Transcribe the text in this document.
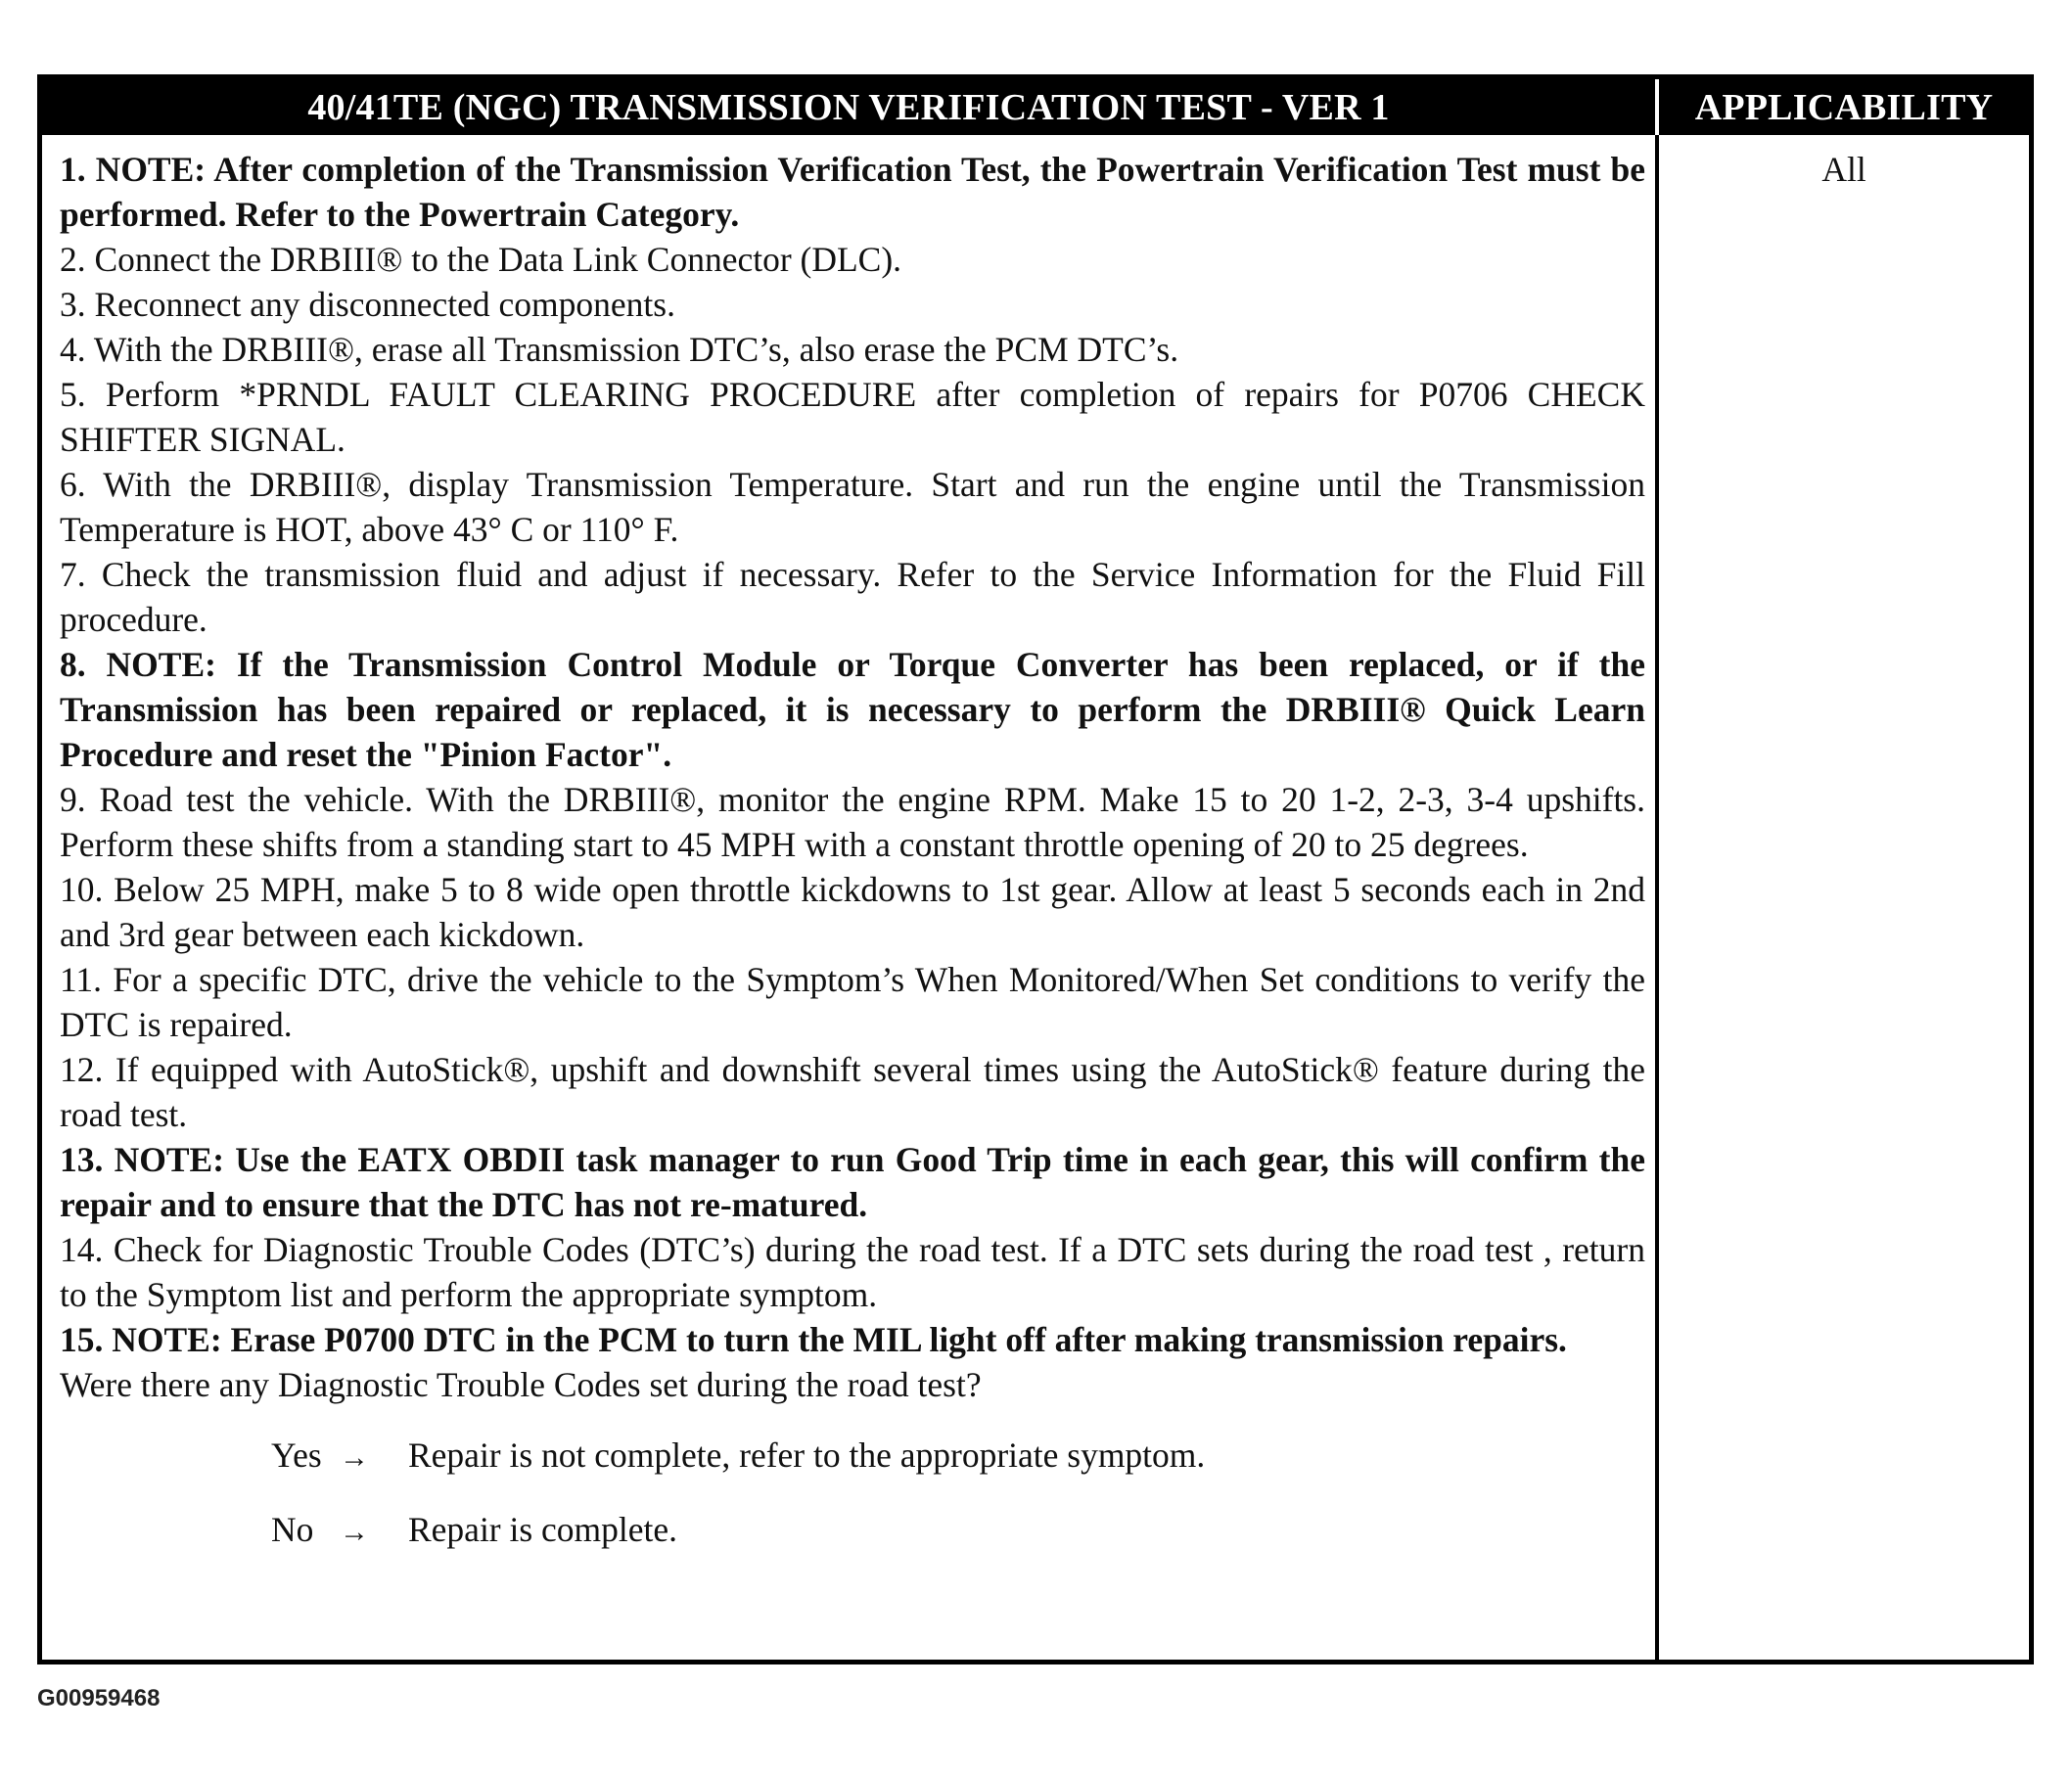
40/41TE (NGC) TRANSMISSION VERIFICATION TEST - VER 1	APPLICABILITY
1. NOTE: After completion of the Transmission Verification Test, the Powertrain Verification Test must be performed. Refer to the Powertrain Category.
2. Connect the DRBIII® to the Data Link Connector (DLC).
3. Reconnect any disconnected components.
4. With the DRBIII®, erase all Transmission DTC’s, also erase the PCM DTC’s.
5. Perform *PRNDL FAULT CLEARING PROCEDURE after completion of repairs for P0706 CHECK SHIFTER SIGNAL.
6. With the DRBIII®, display Transmission Temperature. Start and run the engine until the Transmission Temperature is HOT, above 43° C or 110° F.
7. Check the transmission fluid and adjust if necessary. Refer to the Service Information for the Fluid Fill procedure.
8. NOTE: If the Transmission Control Module or Torque Converter has been replaced, or if the Transmission has been repaired or replaced, it is necessary to perform the DRBIII® Quick Learn Procedure and reset the "Pinion Factor".
9. Road test the vehicle. With the DRBIII®, monitor the engine RPM. Make 15 to 20 1-2, 2-3, 3-4 upshifts. Perform these shifts from a standing start to 45 MPH with a constant throttle opening of 20 to 25 degrees.
10. Below 25 MPH, make 5 to 8 wide open throttle kickdowns to 1st gear. Allow at least 5 seconds each in 2nd and 3rd gear between each kickdown.
11. For a specific DTC, drive the vehicle to the Symptom’s When Monitored/When Set conditions to verify the DTC is repaired.
12. If equipped with AutoStick®, upshift and downshift several times using the AutoStick® feature during the road test.
13. NOTE: Use the EATX OBDII task manager to run Good Trip time in each gear, this will confirm the repair and to ensure that the DTC has not re-matured.
14. Check for Diagnostic Trouble Codes (DTC’s) during the road test. If a DTC sets during the road test , return to the Symptom list and perform the appropriate symptom.
15. NOTE: Erase P0700 DTC in the PCM to turn the MIL light off after making transmission repairs.
Were there any Diagnostic Trouble Codes set during the road test?
Yes →	Repair is not complete, refer to the appropriate symptom.
No →	Repair is complete.
All
G00959468
